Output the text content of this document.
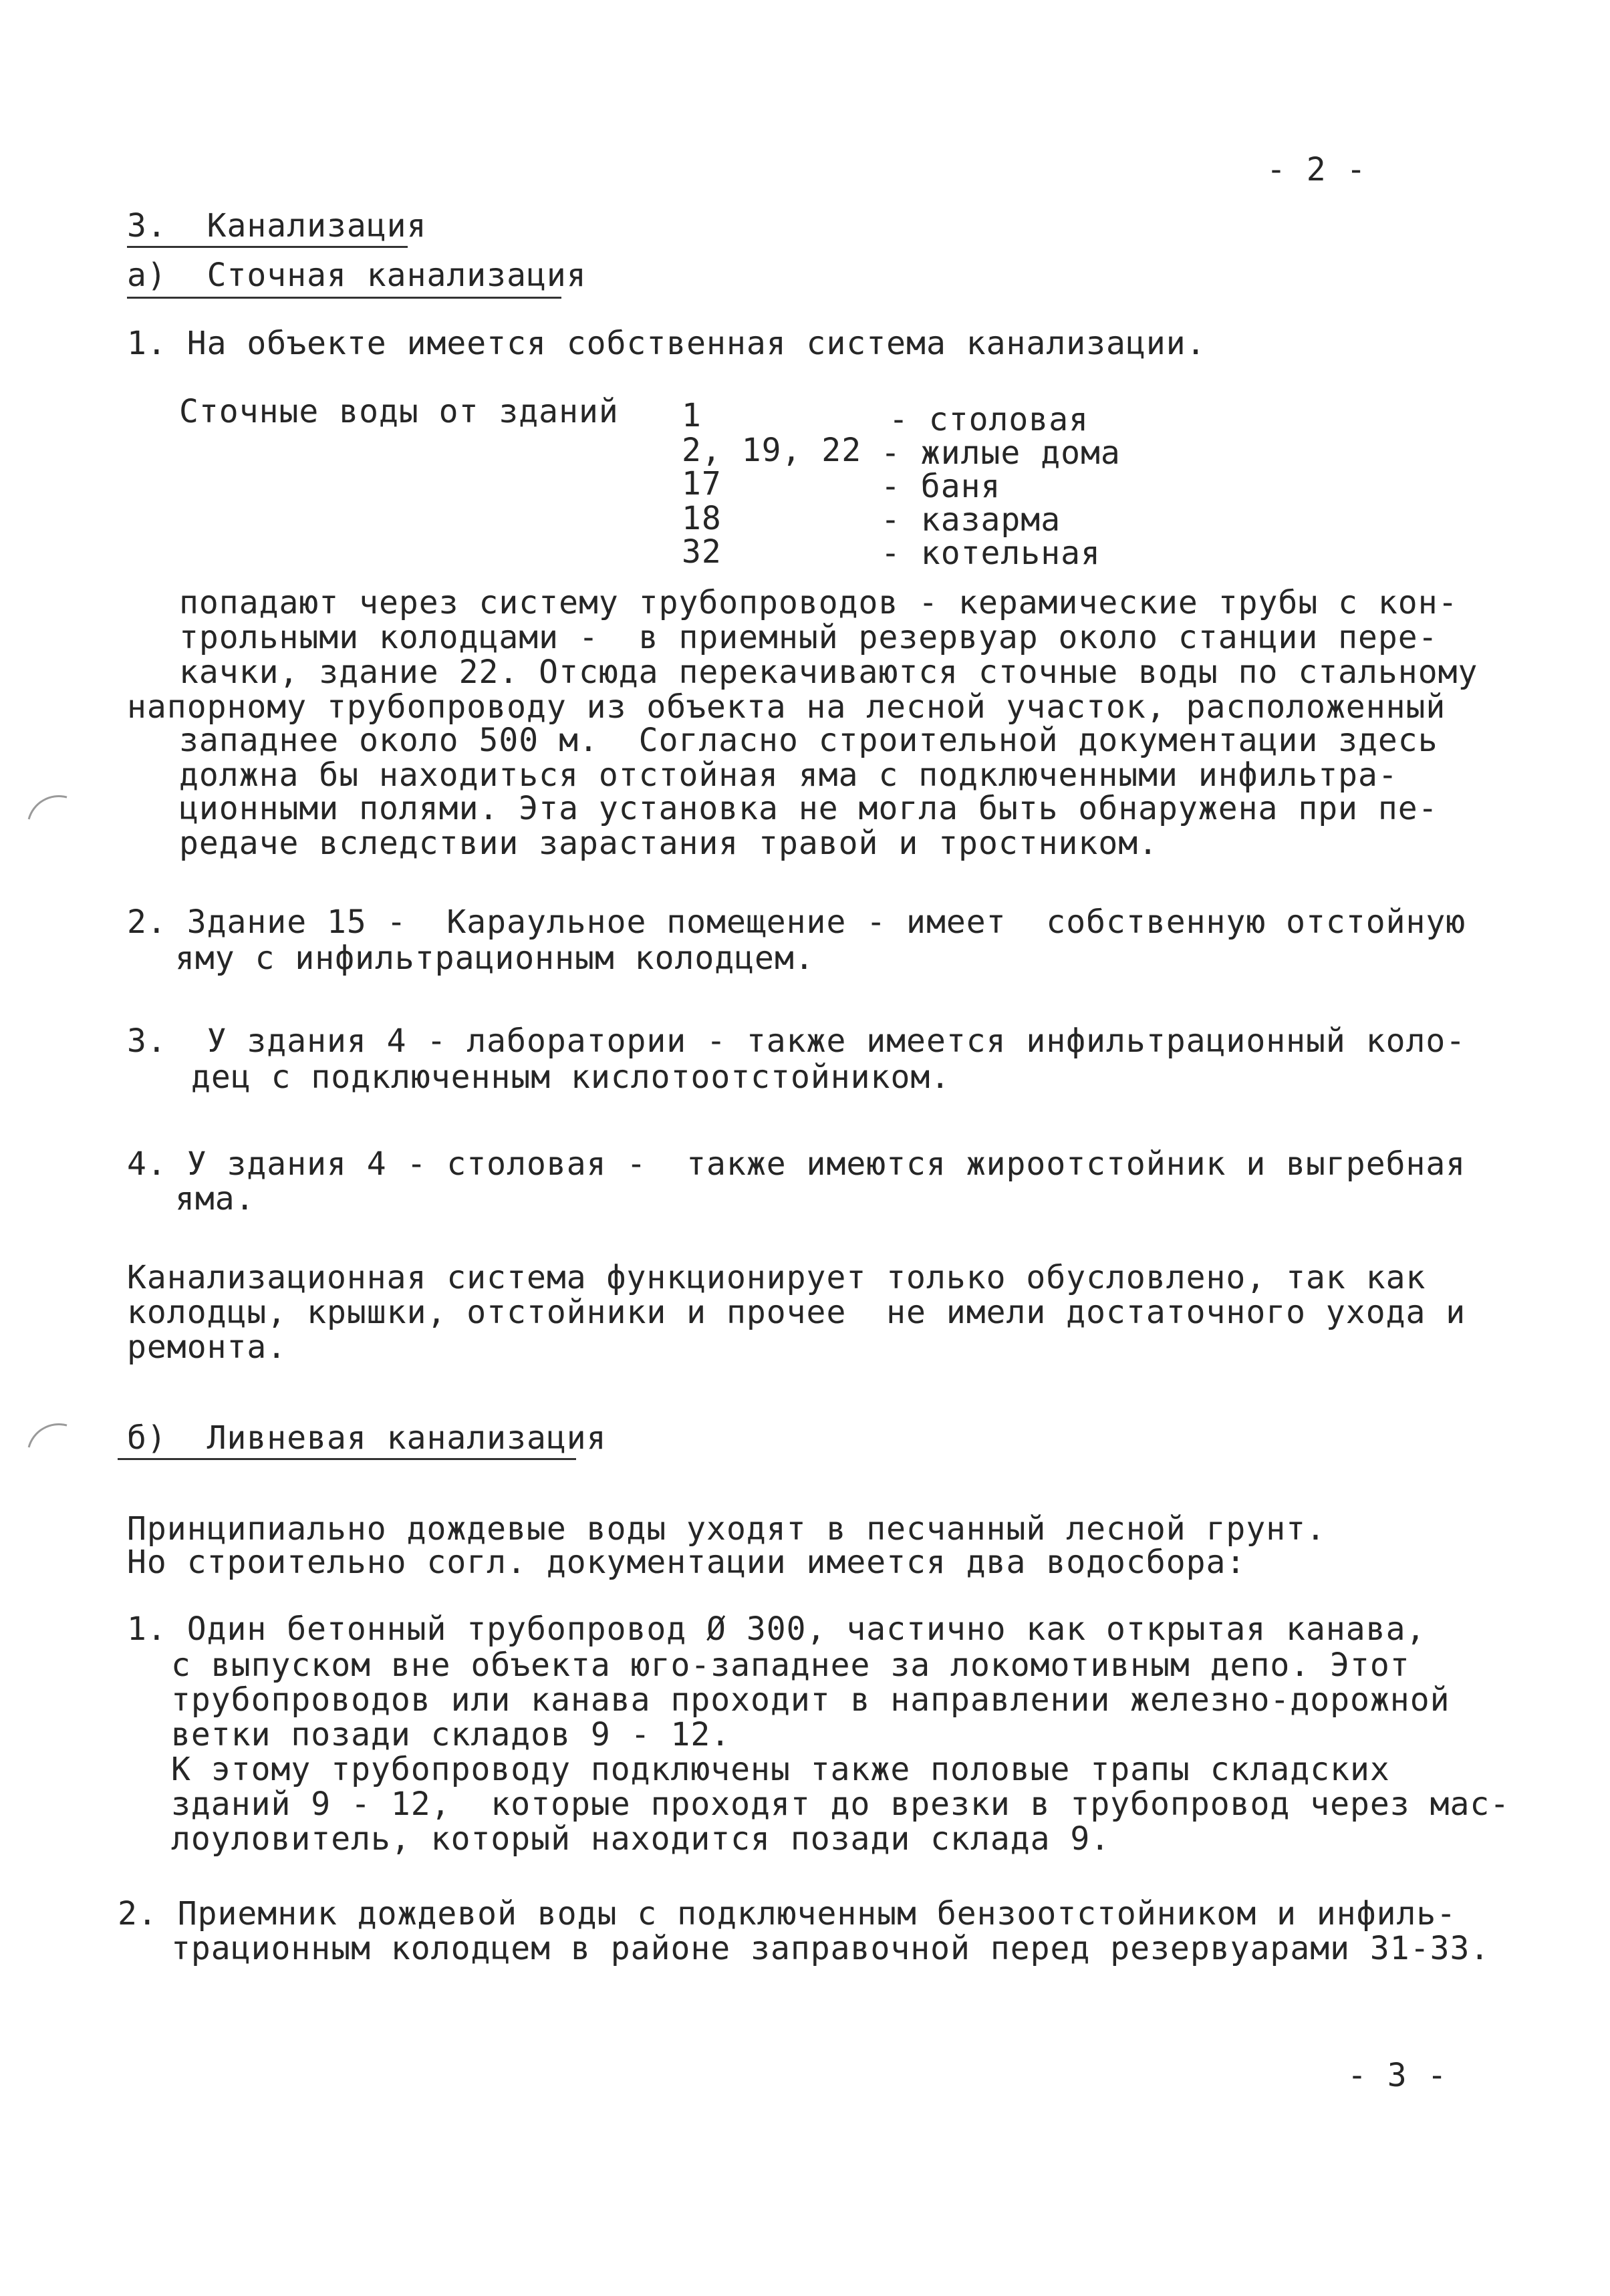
- 2 -
3.  Канализация
а)  Сточная канализация
1. На объекте имеется собственная система канализации.
Сточные воды от зданий 1	- столовая
2, 19, 22 - жилые дома
17	- баня
18	- казарма
32	- котельная
попадают через систему трубопроводов - керамические трубы с кон-
трольными колодцами -  в приемный резервуар около станции пере-
качки, здание 22. Отсюда перекачиваются сточные воды по стальному
напорному трубопроводу из объекта на лесной участок, расположенный
западнее около 500 м.  Согласно строительной документации здесь
должна бы находиться отстойная яма с подключенными инфильтра-
ционными полями. Эта установка не могла быть обнаружена при пе-
редаче вследствии зарастания травой и тростником.
2. Здание 15 -  Караульное помещение - имеет  собственную отстойную
яму с инфильтрационным колодцем.
3.  У здания 4 - лаборатории - также имеется инфильтрационный коло-
дец с подключенным кислотоотстойником.
4. У здания 4 - столовая -  также имеются жироотстойник и выгребная
яма.
Канализационная система функционирует только обусловлено, так как
колодцы, крышки, отстойники и прочее  не имели достаточного ухода и
ремонта.
б)  Ливневая канализация
Принципиально дождевые воды уходят в песчанный лесной грунт.
Но строительно согл. документации имеется два водосбора:
1. Один бетонный трубопровод Ø 300, частично как открытая канава,
с выпуском вне объекта юго-западнее за локомотивным депо. Этот
трубопроводов или канава проходит в направлении железно-дорожной
ветки позади складов 9 - 12.
К этому трубопроводу подключены также половые трапы складских
зданий 9 - 12,  которые проходят до врезки в трубопровод через мас-
лоуловитель, который находится позади склада 9.
2. Приемник дождевой воды с подключенным бензоотстойником и инфиль-
трационным колодцем в районе заправочной перед резервуарами 31-33.
- 3 -
